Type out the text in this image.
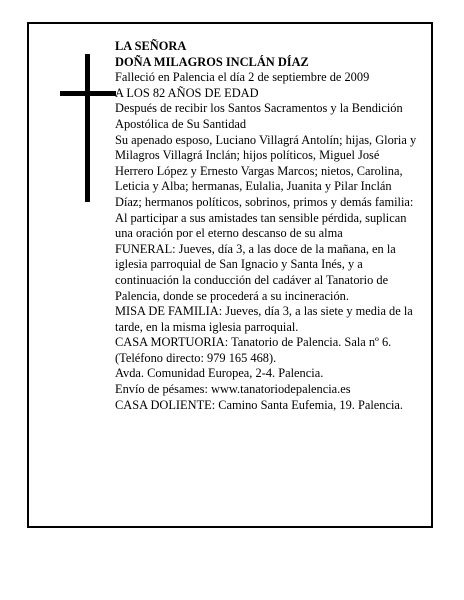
LA SEÑORA

DOÑA MILAGROS INCLÁN DÍAZ

Falleció en Palencia el día 2 de septiembre de 2009

A LOS 82 AÑOS DE EDAD

Después de recibir los Santos Sacramentos y la Bendición Apostólica de Su Santidad

Su apenado esposo, Luciano Villagrá Antolín; hijas, Gloria y Milagros Villagrá Inclán; hijos políticos, Miguel José Herrero López y Ernesto Vargas Marcos; nietos, Carolina, Leticia y Alba; hermanas, Eulalia, Juanita y Pilar Inclán Díaz; hermanos políticos, sobrinos, primos y demás familia:

Al participar a sus amistades tan sensible pérdida, suplican una oración por el eterno descanso de su alma

FUNERAL: Jueves, día 3, a las doce de la mañana, en la iglesia parroquial de San Ignacio y Santa Inés, y a continuación la conducción del cadáver al Tanatorio de Palencia, donde se procederá a su incineración.

MISA DE FAMILIA: Jueves, día 3, a las siete y media de la tarde, en la misma iglesia parroquial.

CASA MORTUORIA: Tanatorio de Palencia. Sala nº 6. (Teléfono directo: 979 165 468).

Avda. Comunidad Europea, 2-4. Palencia.

Envío de pésames: www.tanatoriodepalencia.es

CASA DOLIENTE: Camino Santa Eufemia, 19. Palencia.
